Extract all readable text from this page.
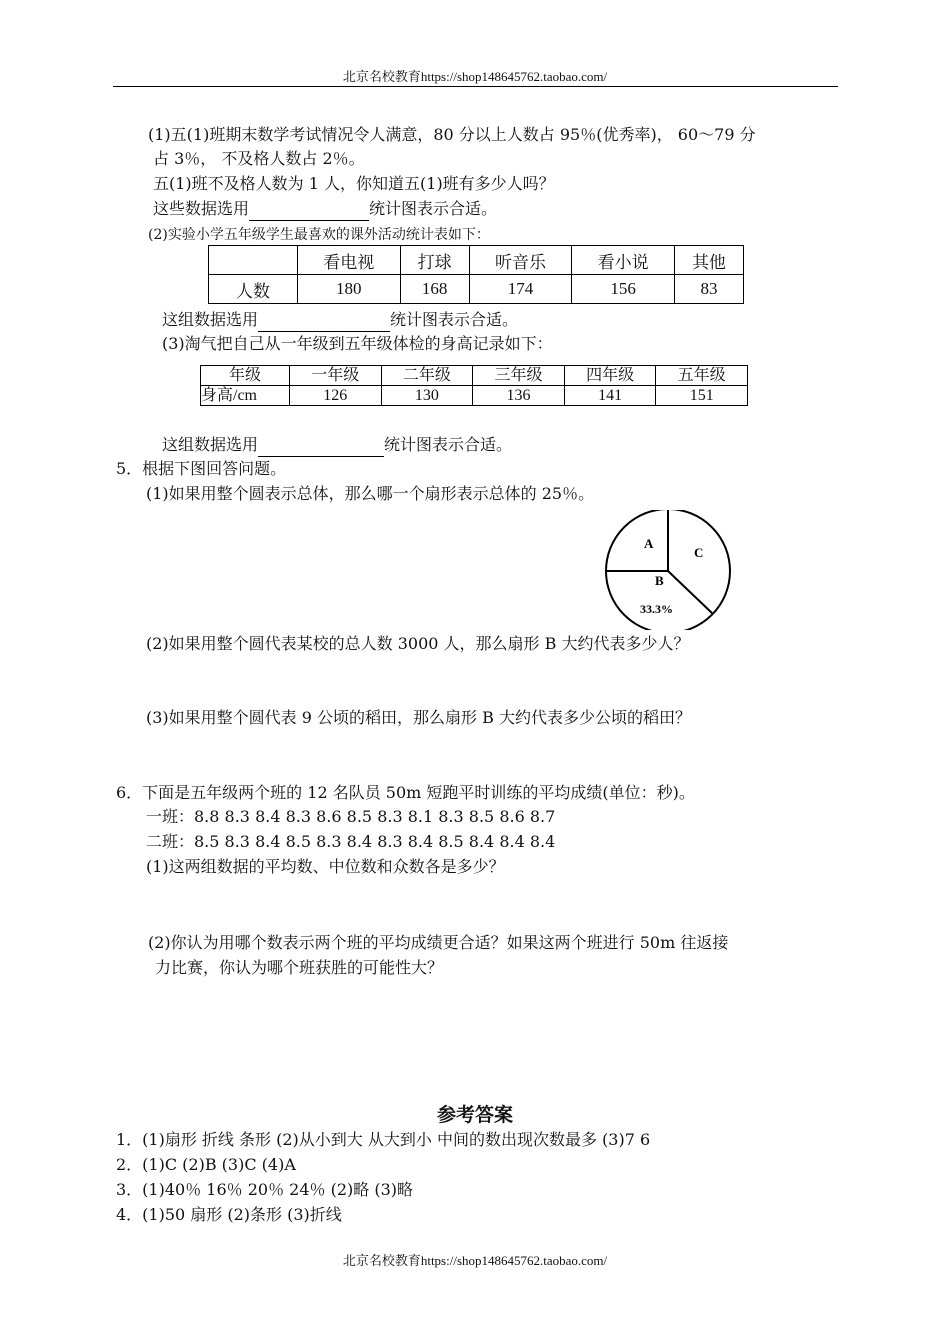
北京名校教育https://shop148645762.taobao.com/
(1)五(1)班期末数学考试情况令人满意，80 分以上人数占 95％(优秀率)， 60～79 分
占 3％， 不及格人数占 2％。
五(1)班不及格人数为 1 人，你知道五(1)班有多少人吗？
这些数据选用	统计图表示合适。
(2)实验小学五年级学生最喜欢的课外活动统计表如下：
	看电视	打球	听音乐	看小说	其他
人数	180	168	174	156	83
这组数据选用	统计图表示合适。
(3)淘气把自己从一年级到五年级体检的身高记录如下：
年级	一年级	二年级	三年级	四年级	五年级
身高/cm	126	130	136	141	151
这组数据选用	统计图表示合适。
5．根据下图回答问题。
(1)如果用整个圆表示总体，那么哪一个扇形表示总体的 25％。
A
C
B
33.3%
(2)如果用整个圆代表某校的总人数 3000 人，那么扇形 B 大约代表多少人？
(3)如果用整个圆代表 9 公顷的稻田，那么扇形 B 大约代表多少公顷的稻田？
6．下面是五年级两个班的 12 名队员 50m 短跑平时训练的平均成绩(单位：秒)。
一班：8.8 8.3 8.4 8.3 8.6 8.5 8.3 8.1 8.3 8.5 8.6 8.7
二班：8.5 8.3 8.4 8.5 8.3 8.4 8.3 8.4 8.5 8.4 8.4 8.4
(1)这两组数据的平均数、中位数和众数各是多少？
(2)你认为用哪个数表示两个班的平均成绩更合适？如果这两个班进行 50m 往返接
力比赛，你认为哪个班获胜的可能性大？
参考答案
1．(1)扇形 折线 条形 (2)从小到大 从大到小 中间的数出现次数最多 (3)7 6
2．(1)C (2)B (3)C (4)A
3．(1)40％ 16％ 20％ 24％ (2)略 (3)略
4．(1)50 扇形 (2)条形 (3)折线
北京名校教育https://shop148645762.taobao.com/
